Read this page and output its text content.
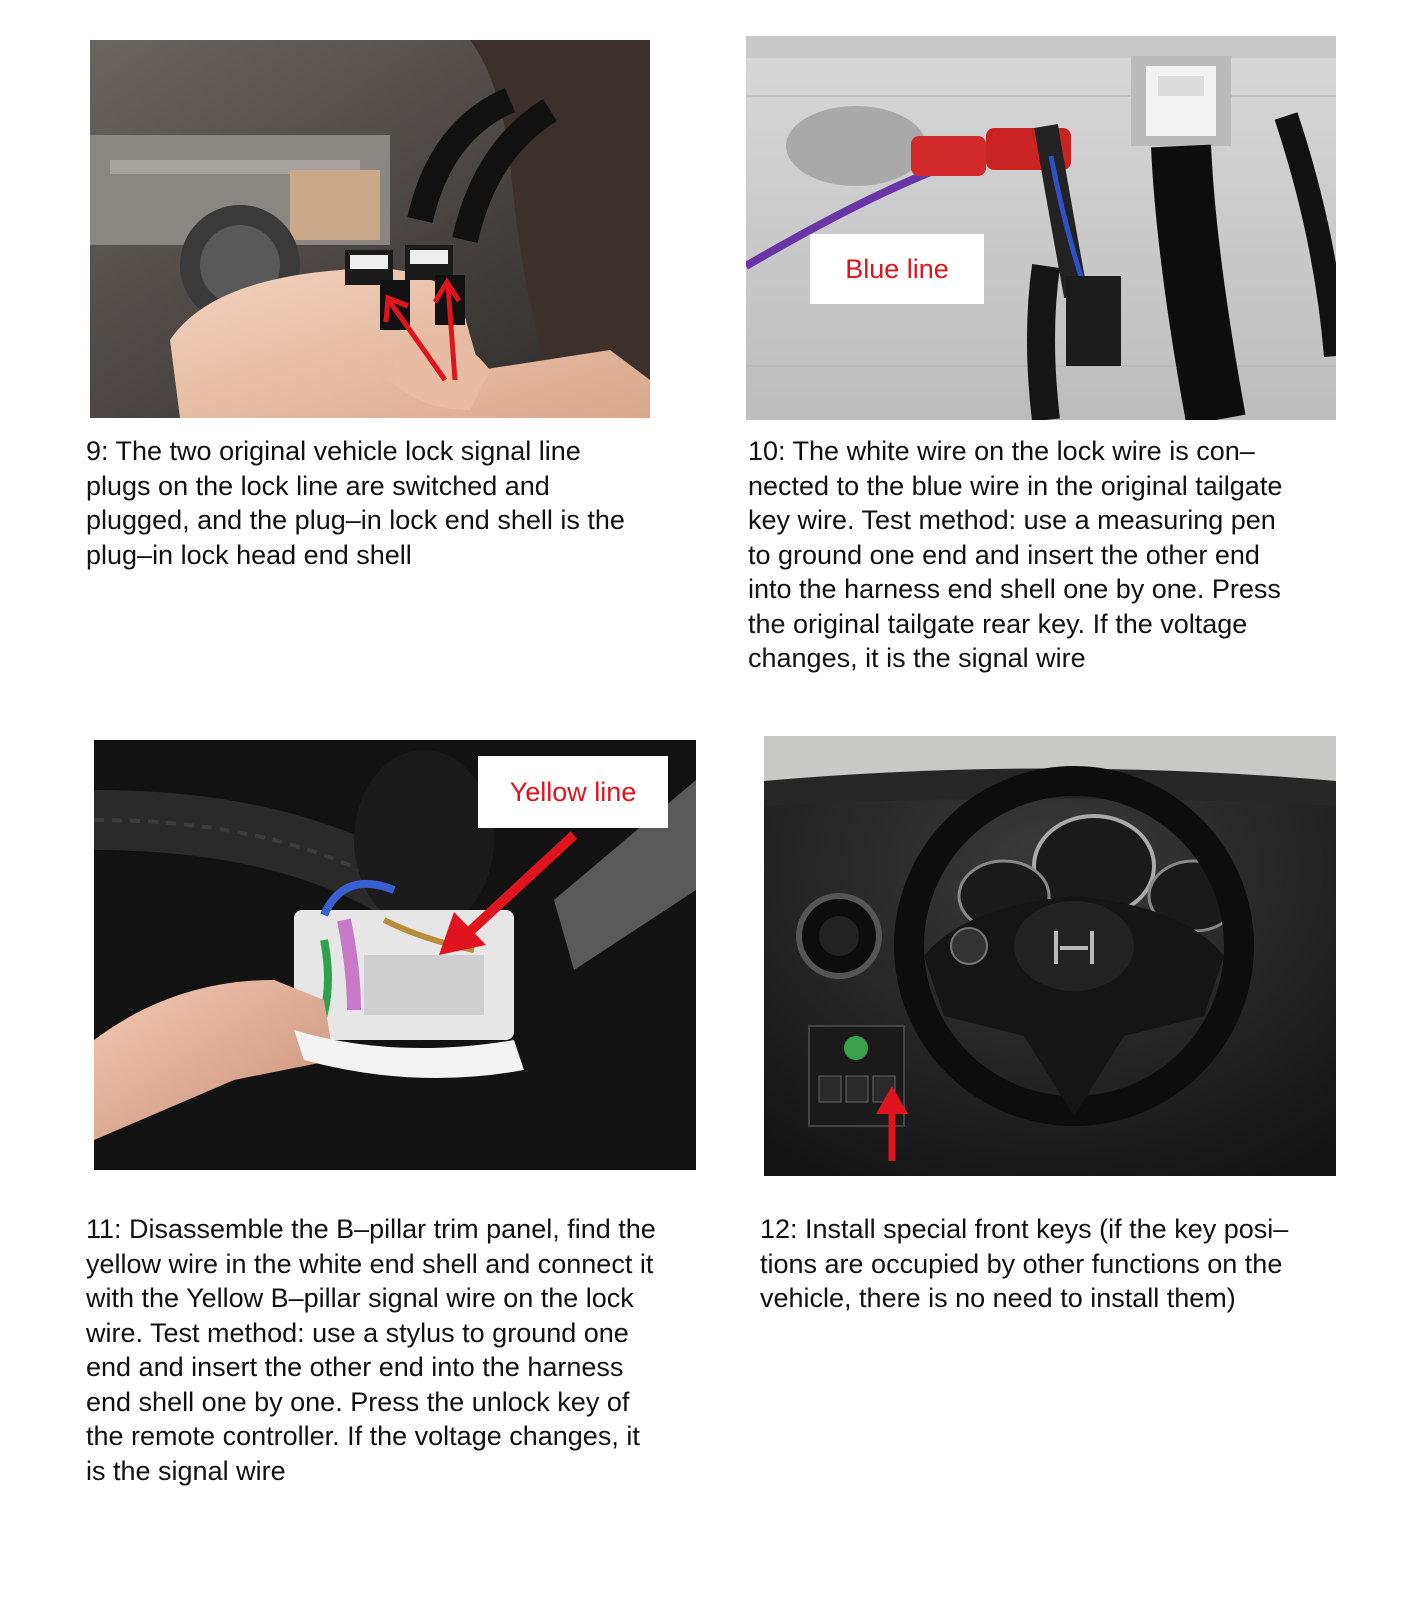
9: The two original vehicle lock signal line
plugs on the lock line are switched and
plugged, and the plug–in lock end shell is the
plug–in lock head end shell
Blue line
10: The white wire on the lock wire is con–
nected to the blue wire in the original tailgate
key wire. Test method: use a measuring pen
to ground one end and insert the other end
into the harness end shell one by one. Press
the original tailgate rear key. If the voltage
changes, it is the signal wire
Yellow line
11: Disassemble the B–pillar trim panel, find the
yellow wire in the white end shell and connect it
with the Yellow B–pillar signal wire on the lock
wire. Test method: use a stylus to ground one
end and insert the other end into the harness
end shell one by one. Press the unlock key of
the remote controller. If the voltage changes, it
is the signal wire
12: Install special front keys (if the key posi–
tions are occupied by other functions on the
vehicle, there is no need to install them)
